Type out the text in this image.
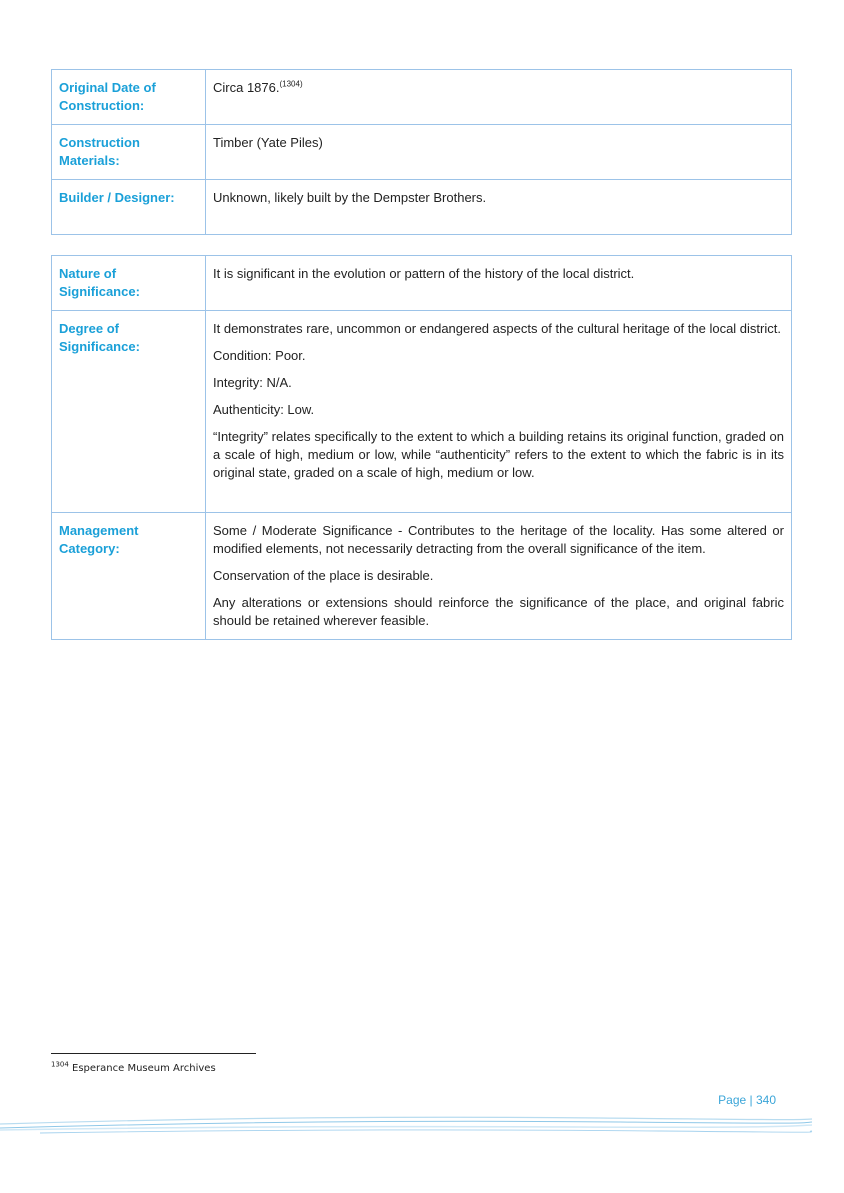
Original Date of Construction:	Circa 1876.$^{(1304)}$
Construction Materials:	Timber (Yate Piles)
Builder / Designer:	Unknown, likely built by the Dempster Brothers.
Nature of Significance:	It is significant in the evolution or pattern of the history of the local district.
Degree of Significance:	It demonstrates rare, uncommon or endangered aspects of the cultural heritage of the local district.

Condition: Poor.

Integrity: N/A.

Authenticity: Low.

“Integrity” relates specifically to the extent to which a building retains its original function, graded on a scale of high, medium or low, while “authenticity” refers to the extent to which the fabric is in its original state, graded on a scale of high, medium or low.

Management Category:	Some / Moderate Significance - Contributes to the heritage of the locality. Has some altered or modified elements, not necessarily detracting from the overall significance of the item.

Conservation of the place is desirable.

Any alterations or extensions should reinforce the significance of the place, and original fabric should be retained wherever feasible.

$^{1304}$ Esperance Museum Archives
Page | 340
